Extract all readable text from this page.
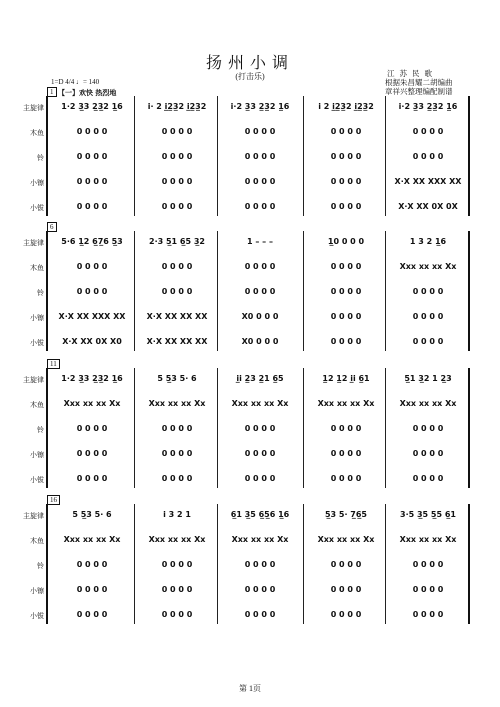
扬州小调
(打击乐)	江苏民歌
根据朱昌耀二胡编曲
章祥兴整理编配制谱
1=D 4/4 ♩= 140
【一】欢快 热烈地
1
主旋律	1·2 3̲3 2̲3̲2 1̲6	i· 2 i̲2̲3̲2 i̲2̲3̲2	i·2 3̲3 2̲3̲2 1̲6	i 2 i̲2̲3̲2 i̲2̲3̲2	i·2 3̲3 2̲3̲2 1̲6
木鱼	0 0 0 0	0 0 0 0	0 0 0 0	0 0 0 0	0 0 0 0
铃	0 0 0 0	0 0 0 0	0 0 0 0	0 0 0 0	0 0 0 0
小镲	0 0 0 0	0 0 0 0	0 0 0 0	0 0 0 0	X·X XX XXX XX
小钹	0 0 0 0	0 0 0 0	0 0 0 0	0 0 0 0	X·X XX 0X 0X
6
主旋律	5·6 1̲2 6̲7̲6 5̲3	2·3 5̲1 6̲5 3̲2	1 – – –	1̲0 0 0 0	1 3 2 1̲6
木鱼	0 0 0 0	0 0 0 0	0 0 0 0	0 0 0 0	Xxx xx xx Xx
铃	0 0 0 0	0 0 0 0	0 0 0 0	0 0 0 0	0 0 0 0
小镲	X·X XX XXX XX	X·X XX XX XX	X0 0 0 0	0 0 0 0	0 0 0 0
小钹	X·X XX 0X X0	X·X XX XX XX	X0 0 0 0	0 0 0 0	0 0 0 0
11
主旋律	1·2 3̲3 2̲3̲2 1̲6	5 5̲3 5· 6	i̲i 2̲3 2̲1 6̲5	1̲2 1̲2 i̲i 6̲1	5̲1 3̲2 1 2̲3
木鱼	Xxx xx xx Xx	Xxx xx xx Xx	Xxx xx xx Xx	Xxx xx xx Xx	Xxx xx xx Xx
铃	0 0 0 0	0 0 0 0	0 0 0 0	0 0 0 0	0 0 0 0
小镲	0 0 0 0	0 0 0 0	0 0 0 0	0 0 0 0	0 0 0 0
小钹	0 0 0 0	0 0 0 0	0 0 0 0	0 0 0 0	0 0 0 0
16
主旋律	5 5̲3 5· 6	i 3 2 1	6̲1 3̲5 6̲5̲6 1̲6	5̲3 5· 7̲6̲5	3·5 3̲5 5̲5 6̲1
木鱼	Xxx xx xx Xx	Xxx xx xx Xx	Xxx xx xx Xx	Xxx xx xx Xx	Xxx xx xx Xx
铃	0 0 0 0	0 0 0 0	0 0 0 0	0 0 0 0	0 0 0 0
小镲	0 0 0 0	0 0 0 0	0 0 0 0	0 0 0 0	0 0 0 0
小钹	0 0 0 0	0 0 0 0	0 0 0 0	0 0 0 0	0 0 0 0
第 1页
